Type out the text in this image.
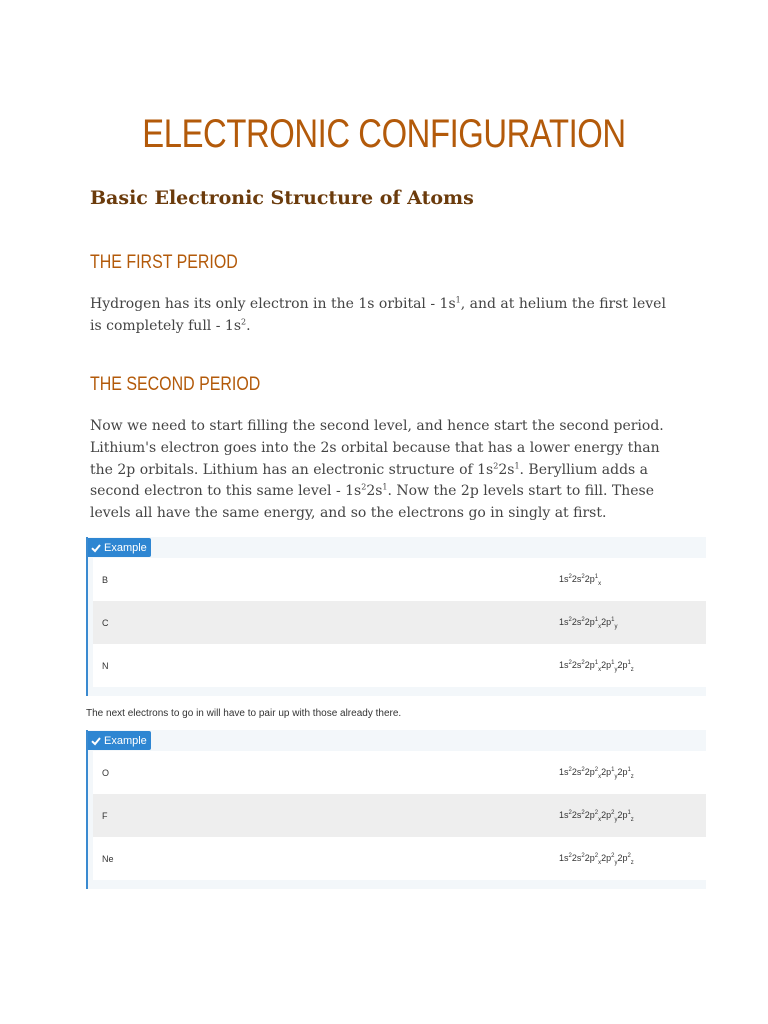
ELECTRONIC CONFIGURATION
Basic Electronic Structure of Atoms
THE FIRST PERIOD

Hydrogen has its only electron in the 1s orbital - $1s^1$, and at helium the first level is completely full - $1s^2$.

THE SECOND PERIOD

Now we need to start filling the second level, and hence start the second period. Lithium's electron goes into the 2s orbital because that has a lower energy than the 2p orbitals. Lithium has an electronic structure of $1s^22s^1$. Beryllium adds a second electron to this same level - $1s^22s^1$. Now the 2p levels start to fill. These levels all have the same energy, and so the electrons go in singly at first.

Example
B	$1s^22s^22p^1_x$
C	$1s^22s^22p^1_x2p^1_y$
N	$1s^22s^22p^1_x2p^1_y2p^1_z$
The next electrons to go in will have to pair up with those already there.
Example
O	$1s^22s^22p^2_x2p^1_y2p^1_z$
F	$1s^22s^22p^2_x2p^2_y2p^1_z$
Ne	$1s^22s^22p^2_x2p^2_y2p^2_z$
